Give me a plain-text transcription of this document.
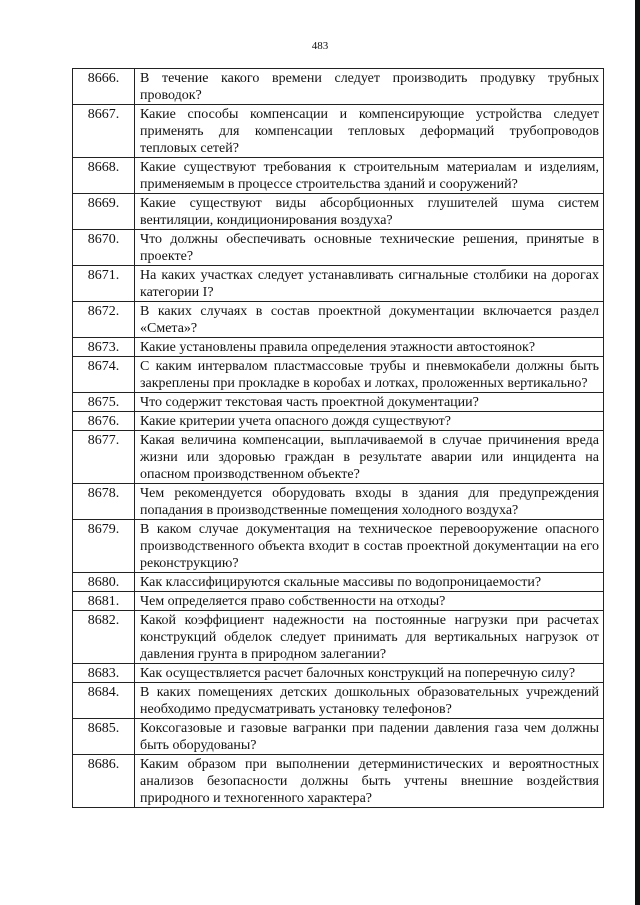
483
8666.	В течение какого времени следует производить продувку трубных проводок?
8667.	Какие способы компенсации и компенсирующие устройства следует применять для компенсации тепловых деформаций трубопроводов тепловых сетей?
8668.	Какие существуют требования к строительным материалам и изделиям, применяемым в процессе строительства зданий и сооружений?
8669.	Какие существуют виды абсорбционных глушителей шума систем вентиляции, кондиционирования воздуха?
8670.	Что должны обеспечивать основные технические решения, принятые в проекте?
8671.	На каких участках следует устанавливать сигнальные столбики на дорогах категории I?
8672.	В каких случаях в состав проектной документации включается раздел «Смета»?
8673.	Какие установлены правила определения этажности автостоянок?
8674.	С каким интервалом пластмассовые трубы и пневмокабели должны быть закреплены при прокладке в коробах и лотках, проложенных вертикально?
8675.	Что содержит текстовая часть проектной документации?
8676.	Какие критерии учета опасного дождя существуют?
8677.	Какая величина компенсации, выплачиваемой в случае причинения вреда жизни или здоровью граждан в результате аварии или инцидента на опасном производственном объекте?
8678.	Чем рекомендуется оборудовать входы в здания для предупреждения попадания в производственные помещения холодного воздуха?
8679.	В каком случае документация на техническое перевооружение опасного производственного объекта входит в состав проектной документации на его реконструкцию?
8680.	Как классифицируются скальные массивы по водопроницаемости?
8681.	Чем определяется право собственности на отходы?
8682.	Какой коэффициент надежности на постоянные нагрузки при расчетах конструкций обделок следует принимать для вертикальных нагрузок от давления грунта в природном залегании?
8683.	Как осуществляется расчет балочных конструкций на поперечную силу?
8684.	В каких помещениях детских дошкольных образовательных учреждений необходимо предусматривать установку телефонов?
8685.	Коксогазовые и газовые вагранки при падении давления газа чем должны быть оборудованы?
8686.	Каким образом при выполнении детерминистических и вероятностных анализов безопасности должны быть учтены внешние воздействия природного и техногенного характера?
